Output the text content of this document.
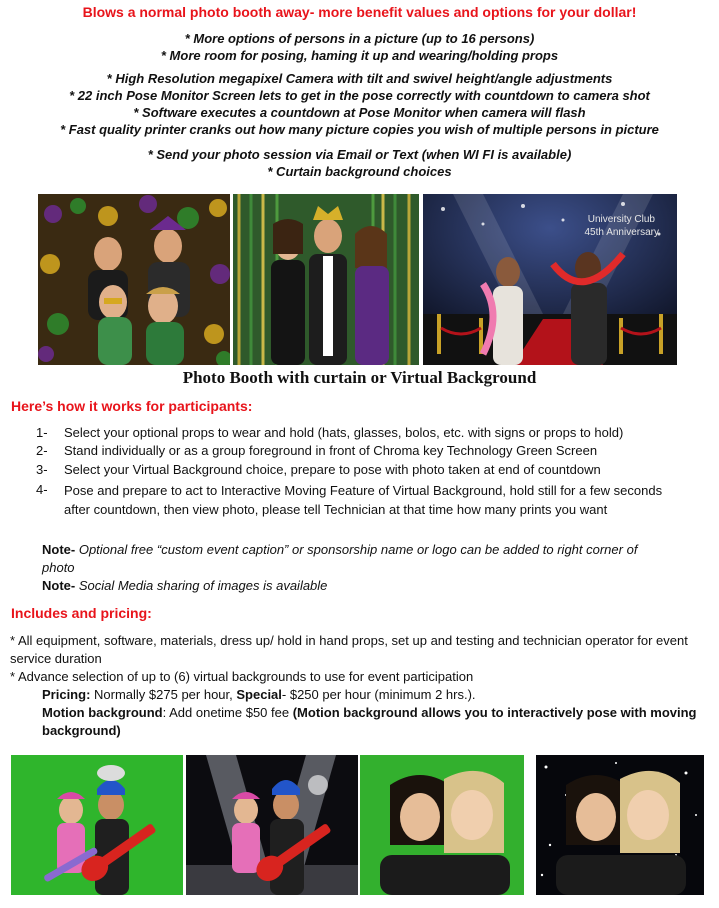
Blows a normal photo booth away- more benefit values and options for your dollar!
* More options of persons in a picture (up to 16 persons)
* More room for posing, haming it up and wearing/holding props
* High Resolution megapixel Camera with tilt and swivel height/angle adjustments
* 22 inch Pose Monitor Screen lets to get in the pose correctly with countdown to camera shot
* Software executes a countdown at Pose Monitor when camera will flash
* Fast quality printer cranks out how many picture copies you wish of multiple persons in picture
* Send your photo session via Email or Text (when WI FI is available)
* Curtain background choices
University Club
45th Anniversary
Photo Booth with curtain or Virtual Background
Here’s how it works for participants:
1-	Select your optional props to wear and hold (hats, glasses, bolos, etc. with signs or props to hold)
2-	Stand individually or as a group foreground in front of Chroma key Technology Green Screen
3-	Select your Virtual Background choice, prepare to pose with photo taken at end of countdown
4-	Pose and prepare to act to Interactive Moving Feature of Virtual Background, hold still for a few seconds after countdown, then view photo, please tell Technician at that time how many prints you want
Note- Optional free “custom event caption” or sponsorship name or logo can be added to right corner of photo
Note- Social Media sharing of images is available
Includes and pricing:
* All equipment, software, materials, dress up/ hold in hand props, set up and testing and technician operator for event service duration
* Advance selection of up to (6) virtual backgrounds to use for event participation
Pricing: Normally $275 per hour, Special- $250 per hour (minimum 2 hrs.).
Motion background: Add onetime $50 fee (Motion background allows you to interactively pose with moving background)
